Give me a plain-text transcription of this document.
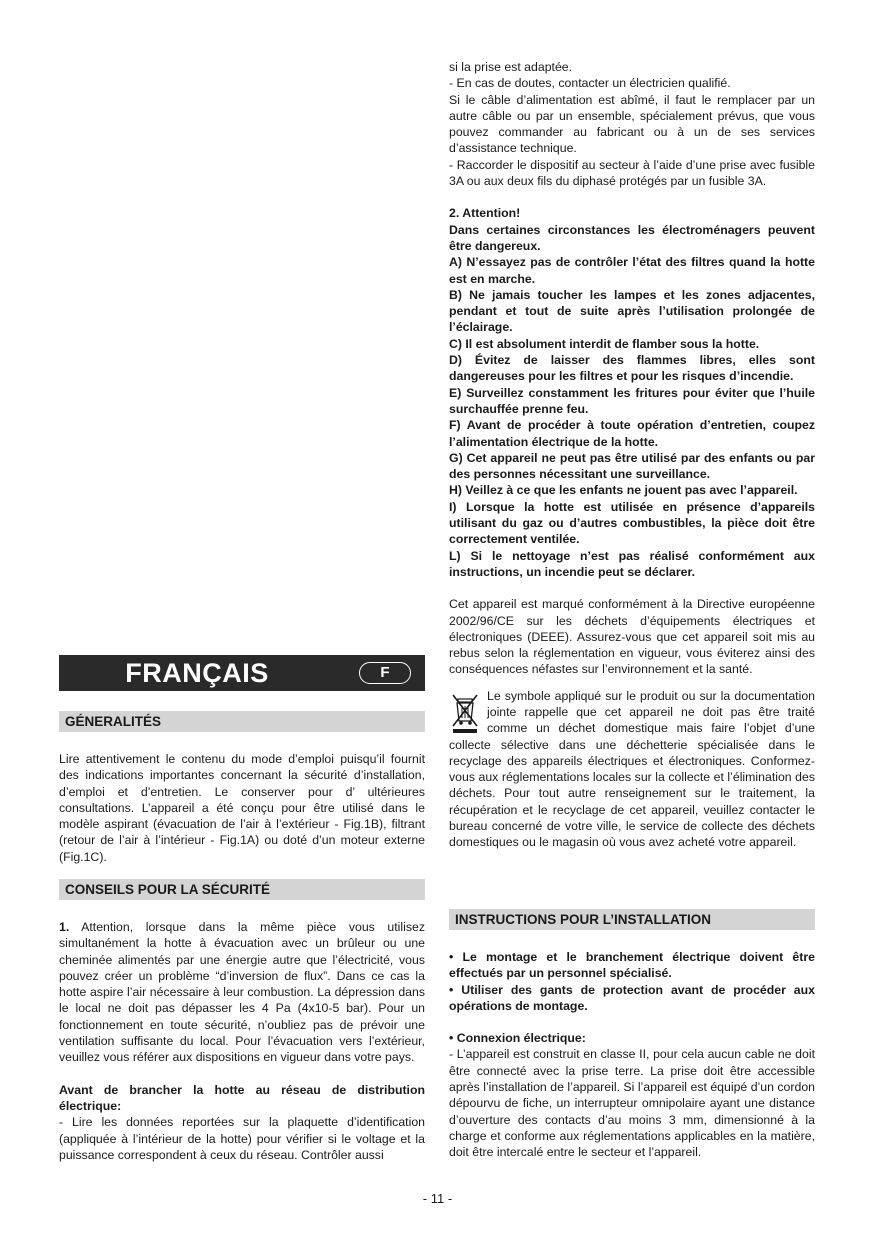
FRANÇAIS	F
GÉNERALITÉS

Lire attentivement le contenu du mode d’emploi puisqu’il fournit des indications importantes concernant la sécurité d’installation, d’emploi et d’entretien. Le conserver pour d’ ultérieures consultations. L’appareil a été conçu pour être utilisé dans le modèle aspirant (évacuation de l’air à l’extérieur - Fig.1B), filtrant (retour de l’air à l’intérieur - Fig.1A) ou doté d’un moteur externe (Fig.1C).

CONSEILS POUR LA SÉCURITÉ

1. Attention, lorsque dans la même pièce vous utilisez simultanément la hotte à évacuation avec un brûleur ou une cheminée alimentés par une énergie autre que l’électricité, vous pouvez créer un problème “d’inversion de flux”. Dans ce cas la hotte aspire l’air nécessaire à leur combustion. La dépression dans le local ne doit pas dépasser les 4 Pa (4x10-5 bar). Pour un fonctionnement en toute sécurité, n’oubliez pas de prévoir une ventilation suffisante du local. Pour l’évacuation vers l’extérieur, veuillez vous référer aux dispositions en vigueur dans votre pays.

Avant de brancher la hotte au réseau de distribution électrique:

- Lire les données reportées sur la plaquette d’identification (appliquée à l’intérieur de la hotte) pour vérifier si le voltage et la puissance correspondent à ceux du réseau. Contrôler aussi

si la prise est adaptée.

- En cas de doutes, contacter un électricien qualifié.

Si le câble d’alimentation est abîmé, il faut le remplacer par un autre câble ou par un ensemble, spécialement prévus, que vous pouvez commander au fabricant ou à un de ses services d’assistance technique.

- Raccorder le dispositif au secteur à l’aide d’une prise avec fusible 3A ou aux deux fils du diphasé protégés par un fusible 3A.

2. Attention!

Dans certaines circonstances les électroménagers peuvent être dangereux.

A) N’essayez pas de contrôler l’état des filtres quand la hotte est en marche.

B) Ne jamais toucher les lampes et les zones adjacentes, pendant et tout de suite après l’utilisation prolongée de l’éclairage.

C) Il est absolument interdit de flamber sous la hotte.

D) Évitez de laisser des flammes libres, elles sont dangereuses pour les filtres et pour les risques d’incendie.

E) Surveillez constamment les fritures pour éviter que l’huile surchauffée prenne feu.

F) Avant de procéder à toute opération d’entretien, coupez l’alimentation électrique de la hotte.

G) Cet appareil ne peut pas être utilisé par des enfants ou par des personnes nécessitant une surveillance.

H) Veillez à ce que les enfants ne jouent pas avec l’appareil.

I) Lorsque la hotte est utilisée en présence d’appareils utilisant du gaz ou d’autres combustibles, la pièce doit être correctement ventilée.

L) Si le nettoyage n’est pas réalisé conformément aux instructions, un incendie peut se déclarer.

Cet appareil est marqué conformément à la Directive européenne 2002/96/CE sur les déchets d’équipements électriques et électroniques (DEEE). Assurez-vous que cet appareil soit mis au rebus selon la réglementation en vigueur, vous éviterez ainsi des conséquences néfastes sur l’environnement et la santé.

Le symbole appliqué sur le produit ou sur la documentation jointe rappelle que cet appareil ne doit pas être traité comme un déchet domestique mais faire l’objet d’une collecte sélective dans une déchetterie spécialisée dans le recyclage des appareils électriques et électroniques. Conformez-vous aux réglementations locales sur la collecte et l’élimination des déchets. Pour tout autre renseignement sur le traitement, la récupération et le recyclage de cet appareil, veuillez contacter le bureau concerné de votre ville, le service de collecte des déchets domestiques ou le magasin où vous avez acheté votre appareil.

INSTRUCTIONS POUR L’INSTALLATION

• Le montage et le branchement électrique doivent être effectués par un personnel spécialisé.

• Utiliser des gants de protection avant de procéder aux opérations de montage.

• Connexion électrique:

- L’appareil est construit en classe II, pour cela aucun cable ne doit être connecté avec la prise terre. La prise doit être accessible après l’installation de l’appareil. Si l’appareil est équipé d’un cordon dépourvu de fiche, un interrupteur omnipolaire ayant une distance d’ouverture des contacts d’au moins 3 mm, dimensionné à la charge et conforme aux réglementations applicables en la matière, doit être intercalé entre le secteur et l’appareil.

- 11 -
